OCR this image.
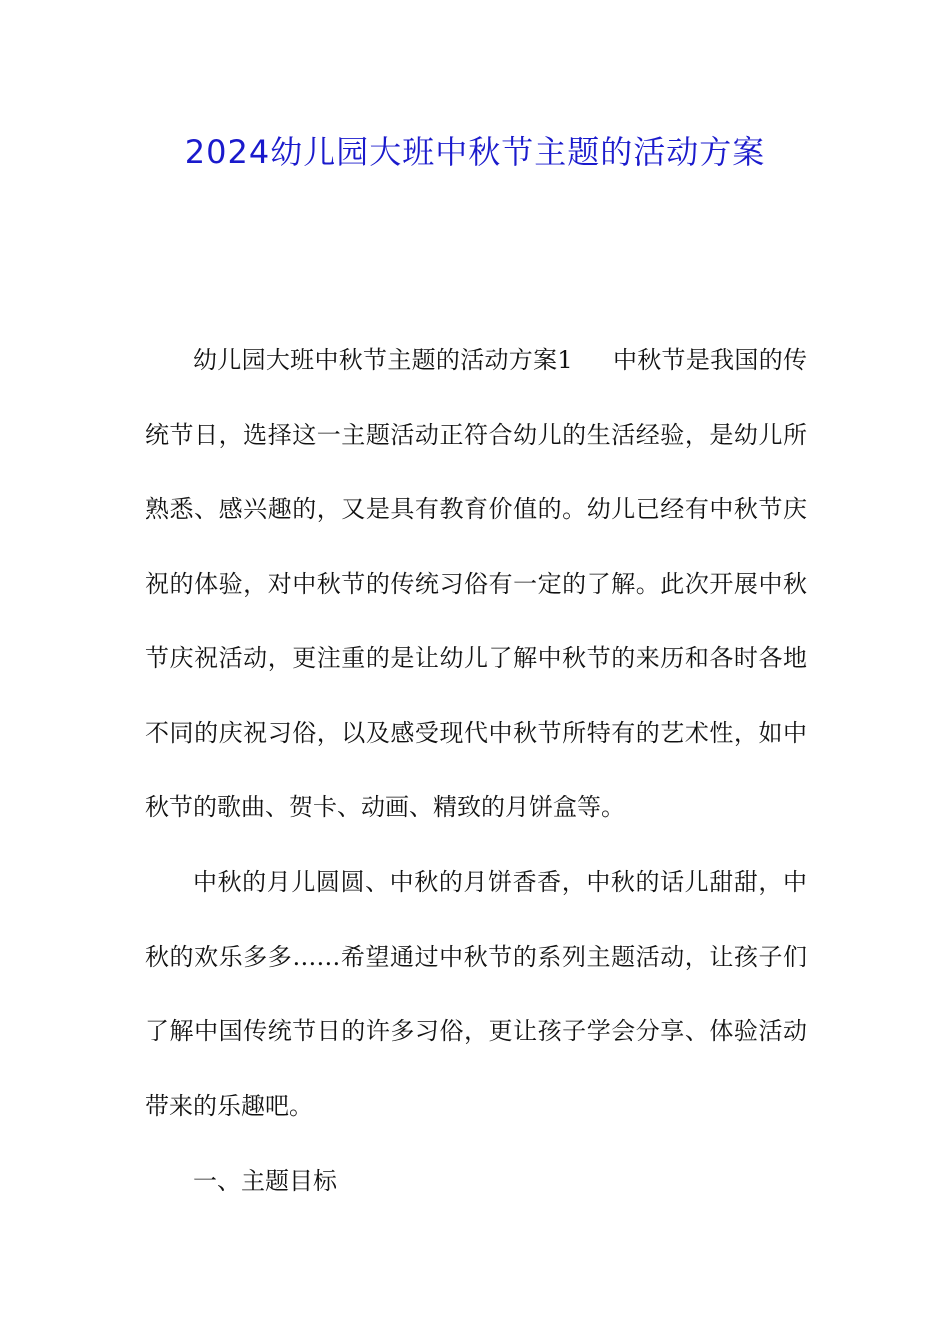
2024幼儿园大班中秋节主题的活动方案

幼儿园大班中秋节主题的活动方案1 中秋节是我国的传统节日，选择这一主题活动正符合幼儿的生活经验，是幼儿所熟悉、感兴趣的，又是具有教育价值的。幼儿已经有中秋节庆祝的体验，对中秋节的传统习俗有一定的了解。此次开展中秋节庆祝活动，更注重的是让幼儿了解中秋节的来历和各时各地不同的庆祝习俗，以及感受现代中秋节所特有的艺术性，如中秋节的歌曲、贺卡、动画、精致的月饼盒等。

中秋的月儿圆圆、中秋的月饼香香，中秋的话儿甜甜，中秋的欢乐多多……希望通过中秋节的系列主题活动，让孩子们了解中国传统节日的许多习俗，更让孩子学会分享、体验活动带来的乐趣吧。

一、主题目标
